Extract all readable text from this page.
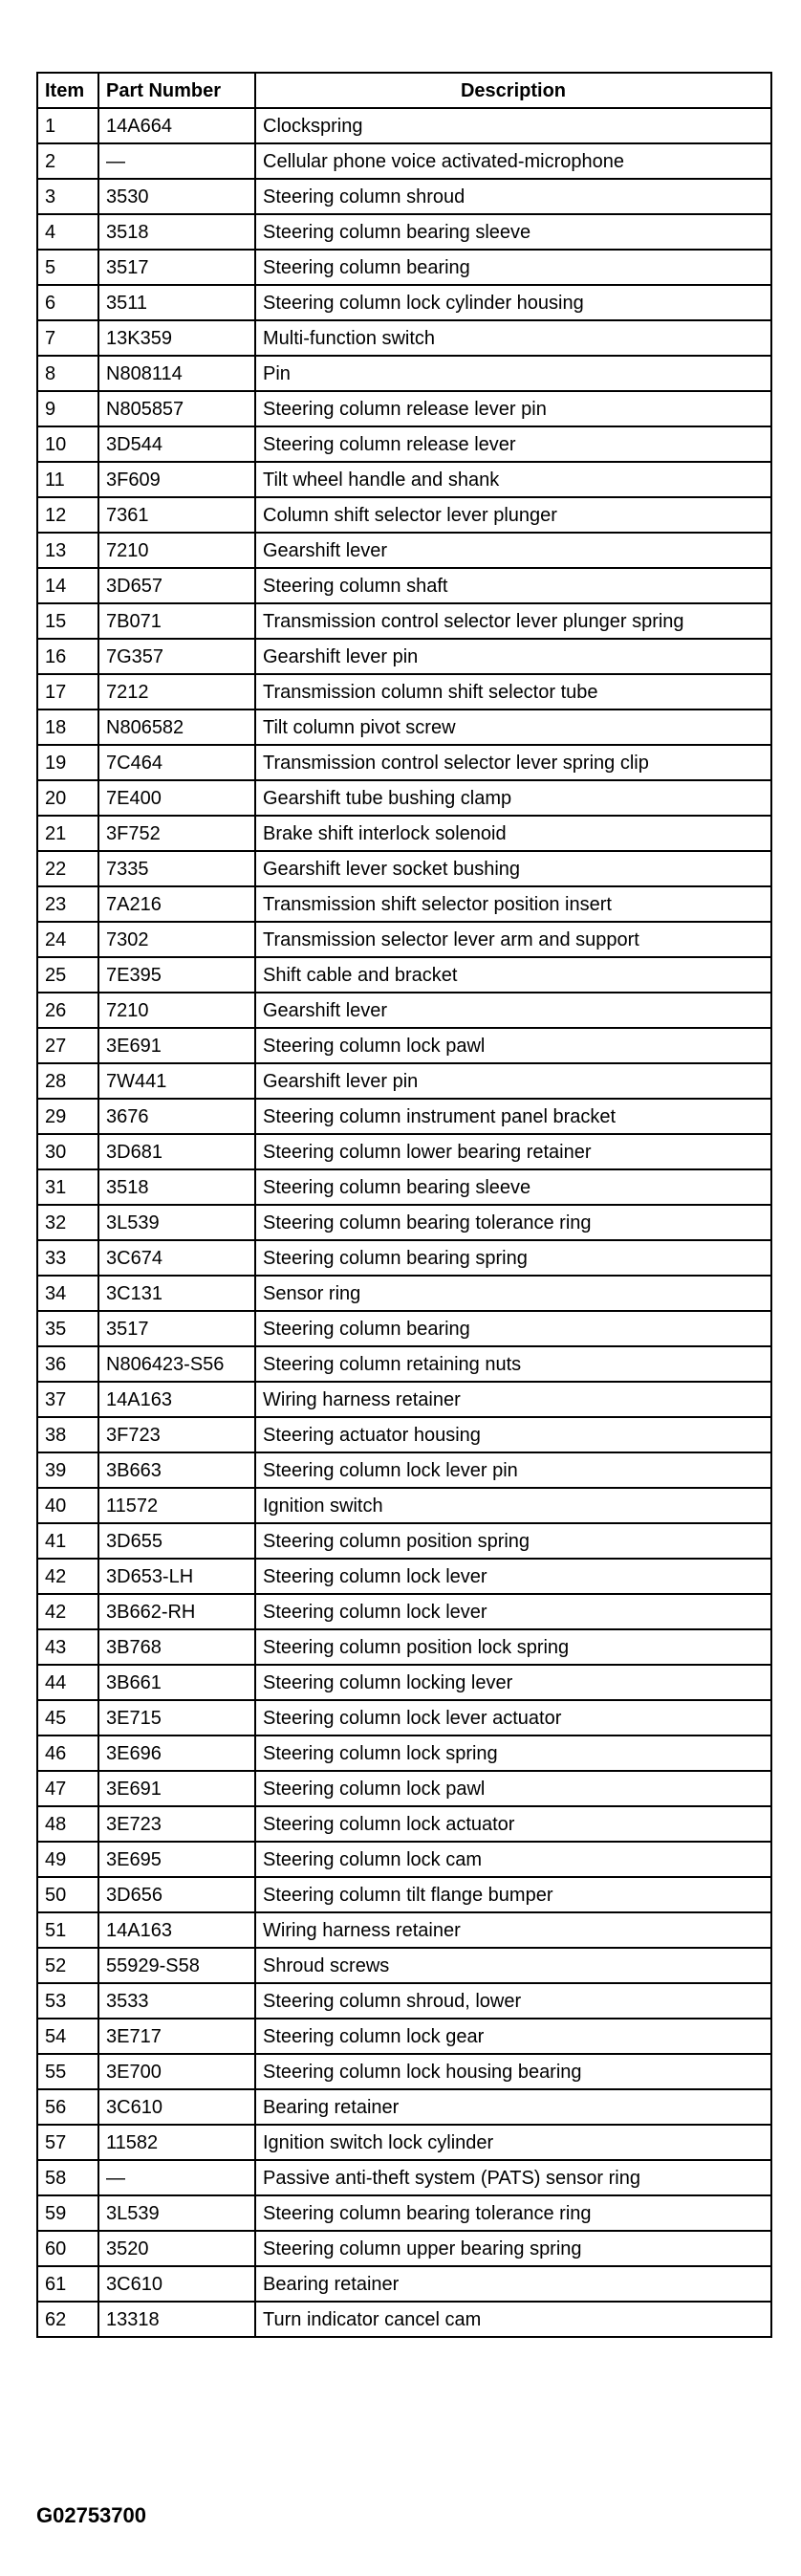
Item	Part Number	Description
1	14A664	Clockspring
2	—	Cellular phone voice activated-microphone
3	3530	Steering column shroud
4	3518	Steering column bearing sleeve
5	3517	Steering column bearing
6	3511	Steering column lock cylinder housing
7	13K359	Multi-function switch
8	N808114	Pin
9	N805857	Steering column release lever pin
10	3D544	Steering column release lever
11	3F609	Tilt wheel handle and shank
12	7361	Column shift selector lever plunger
13	7210	Gearshift lever
14	3D657	Steering column shaft
15	7B071	Transmission control selector lever plunger spring
16	7G357	Gearshift lever pin
17	7212	Transmission column shift selector tube
18	N806582	Tilt column pivot screw
19	7C464	Transmission control selector lever spring clip
20	7E400	Gearshift tube bushing clamp
21	3F752	Brake shift interlock solenoid
22	7335	Gearshift lever socket bushing
23	7A216	Transmission shift selector position insert
24	7302	Transmission selector lever arm and support
25	7E395	Shift cable and bracket
26	7210	Gearshift lever
27	3E691	Steering column lock pawl
28	7W441	Gearshift lever pin
29	3676	Steering column instrument panel bracket
30	3D681	Steering column lower bearing retainer
31	3518	Steering column bearing sleeve
32	3L539	Steering column bearing tolerance ring
33	3C674	Steering column bearing spring
34	3C131	Sensor ring
35	3517	Steering column bearing
36	N806423-S56	Steering column retaining nuts
37	14A163	Wiring harness retainer
38	3F723	Steering actuator housing
39	3B663	Steering column lock lever pin
40	11572	Ignition switch
41	3D655	Steering column position spring
42	3D653-LH	Steering column lock lever
42	3B662-RH	Steering column lock lever
43	3B768	Steering column position lock spring
44	3B661	Steering column locking lever
45	3E715	Steering column lock lever actuator
46	3E696	Steering column lock spring
47	3E691	Steering column lock pawl
48	3E723	Steering column lock actuator
49	3E695	Steering column lock cam
50	3D656	Steering column tilt flange bumper
51	14A163	Wiring harness retainer
52	55929-S58	Shroud screws
53	3533	Steering column shroud, lower
54	3E717	Steering column lock gear
55	3E700	Steering column lock housing bearing
56	3C610	Bearing retainer
57	11582	Ignition switch lock cylinder
58	—	Passive anti-theft system (PATS) sensor ring
59	3L539	Steering column bearing tolerance ring
60	3520	Steering column upper bearing spring
61	3C610	Bearing retainer
62	13318	Turn indicator cancel cam
G02753700
